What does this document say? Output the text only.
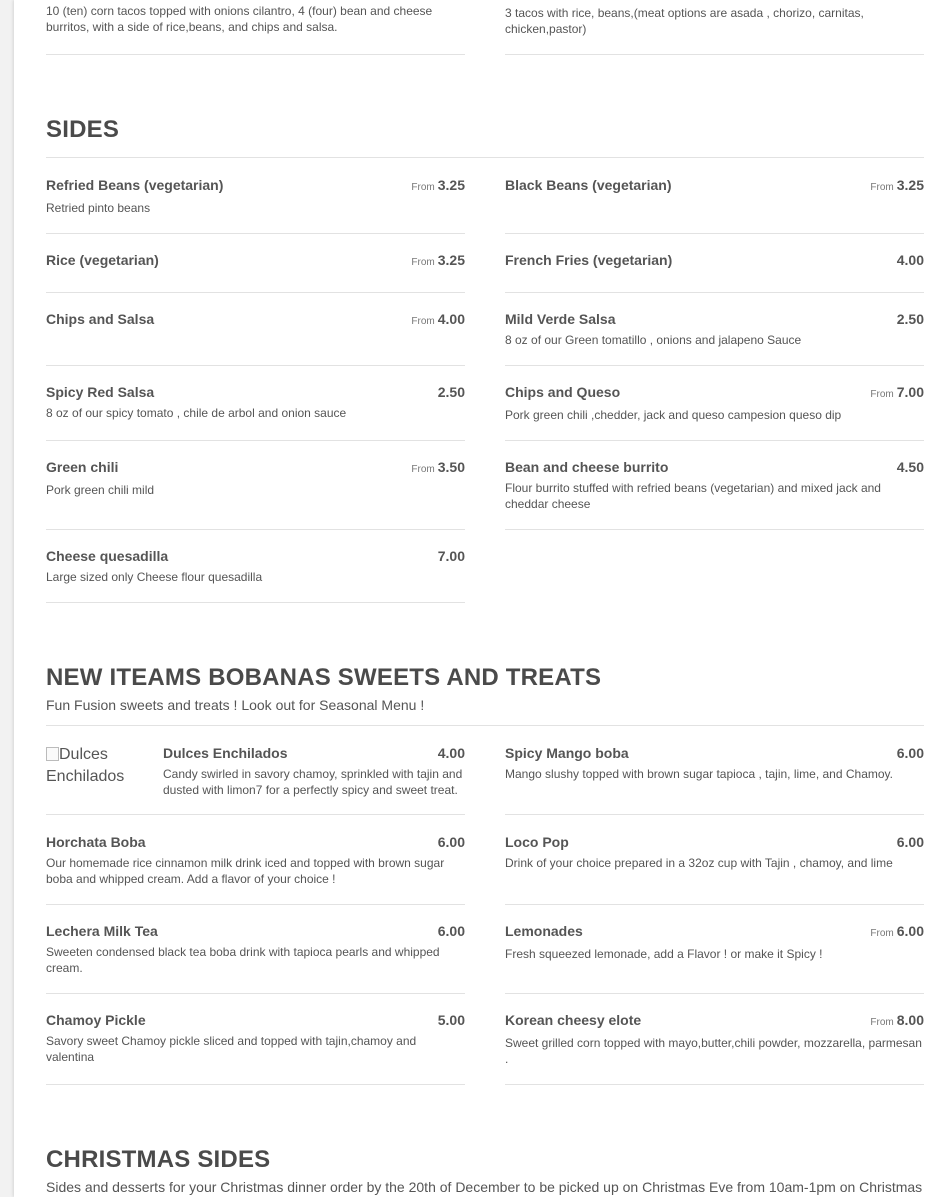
10 (ten) corn tacos topped with onions cilantro, 4 (four) bean and cheese burritos, with a side of rice,beans, and chips and salsa.
3 tacos with rice, beans,(meat options are asada , chorizo, carnitas, chicken,pastor)
SIDES
Refried Beans (vegetarian)	From 3.25
Retried pinto beans
Black Beans (vegetarian)	From 3.25
Rice (vegetarian)	From 3.25	French Fries (vegetarian)	4.00
Chips and Salsa	From 4.00	Mild Verde Salsa	2.50
8 oz of our Green tomatillo , onions and jalapeno Sauce
Spicy Red Salsa	2.50
8 oz of our spicy tomato , chile de arbol and onion sauce
Chips and Queso	From 7.00
Pork green chili ,chedder, jack and queso campesion queso dip
Green chili	From 3.50
Pork green chili mild
Bean and cheese burrito	4.50
Flour burrito stuffed with refried beans (vegetarian) and mixed jack and cheddar cheese
Cheese quesadilla	7.00
Large sized only Cheese flour quesadilla
NEW ITEAMS BOBANAS SWEETS AND TREATS
Fun Fusion sweets and treats ! Look out for Seasonal Menu !
Dulces Enchilados
Dulces Enchilados	4.00
Candy swirled in savory chamoy, sprinkled with tajin and dusted with limon7 for a perfectly spicy and sweet treat.
Spicy Mango boba	6.00
Mango slushy topped with brown sugar tapioca , tajin, lime, and Chamoy.
Horchata Boba	6.00
Our homemade rice cinnamon milk drink iced and topped with brown sugar boba and whipped cream. Add a flavor of your choice !
Loco Pop	6.00
Drink of your choice prepared in a 32oz cup with Tajin , chamoy, and lime
Lechera Milk Tea	6.00
Sweeten condensed black tea boba drink with tapioca pearls and whipped cream.
Lemonades	From 6.00
Fresh squeezed lemonade, add a Flavor ! or make it Spicy !
Chamoy Pickle	5.00
Savory sweet Chamoy pickle sliced and topped with tajin,chamoy and valentina
Korean cheesy elote	From 8.00
Sweet grilled corn topped with mayo,butter,chili powder, mozzarella, parmesan .
CHRISTMAS SIDES
Sides and desserts for your Christmas dinner order by the 20th of December to be picked up on Christmas Eve from 10am-1pm on Christmas
